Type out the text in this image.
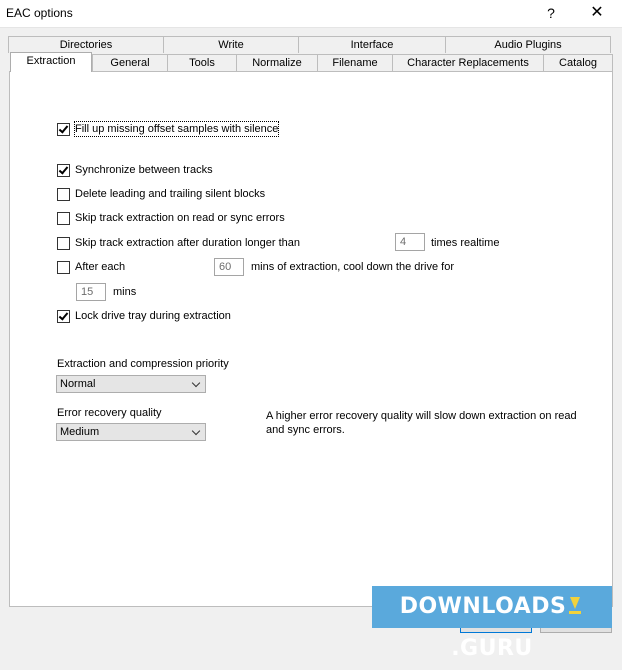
EAC options	?	✕
Directories	Write	Interface	Audio Plugins
Extraction	General	Tools	Normalize	Filename	Character Replacements	Catalog
Fill up missing offset samples with silence
Synchronize between tracks
Delete leading and trailing silent blocks
Skip track extraction on read or sync errors
Skip track extraction after duration longer than	4	times realtime
After each	60	mins of extraction, cool down the drive for
15	mins
Lock drive tray during extraction
Extraction and compression priority
Normal
Error recovery quality
Medium
A higher error recovery quality will slow down extraction on read
and sync errors.
DOWNLOADS.GURU
